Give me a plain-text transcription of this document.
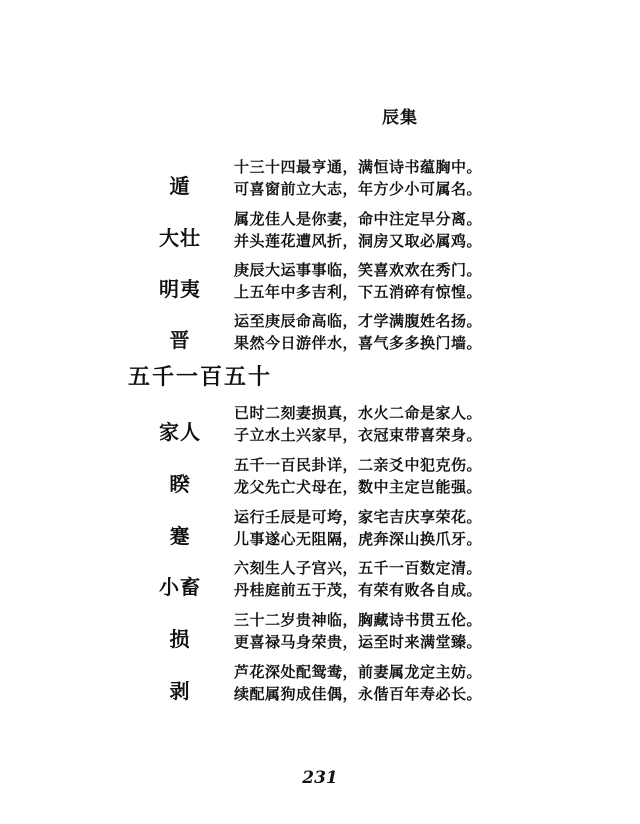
辰集
遁
十三十四最亨通，满恒诗书蕴胸中。
可喜窗前立大志，年方少小可属名。
大壮
属龙佳人是你妻，命中注定早分离。
并头莲花遭风折，洞房又取必属鸡。
明夷
庚辰大运事事临，笑喜欢欢在秀门。
上五年中多吉利，下五消碎有惊惶。
晋
运至庚辰命高临，才学满腹姓名扬。
果然今日游伴水，喜气多多换门墙。
五千一百五十
家人
已时二刻妻损真，水火二命是家人。
子立水土兴家早，衣冠束带喜荣身。
睽
五千一百民卦详，二亲爻中犯克伤。
龙父先亡犬母在，数中主定岂能强。
蹇
运行壬辰是可垮，家宅吉庆享荣花。
儿事遂心无阻隔，虎奔深山换爪牙。
小畜
六刻生人子宫兴，五千一百数定清。
丹桂庭前五于茂，有荣有败各自成。
损
三十二岁贵神临，胸藏诗书贯五伦。
更喜禄马身荣贵，运至时来满堂臻。
剥
芦花深处配鸳鸯，前妻属龙定主妨。
续配属狗成佳偶，永偕百年寿必长。
231
